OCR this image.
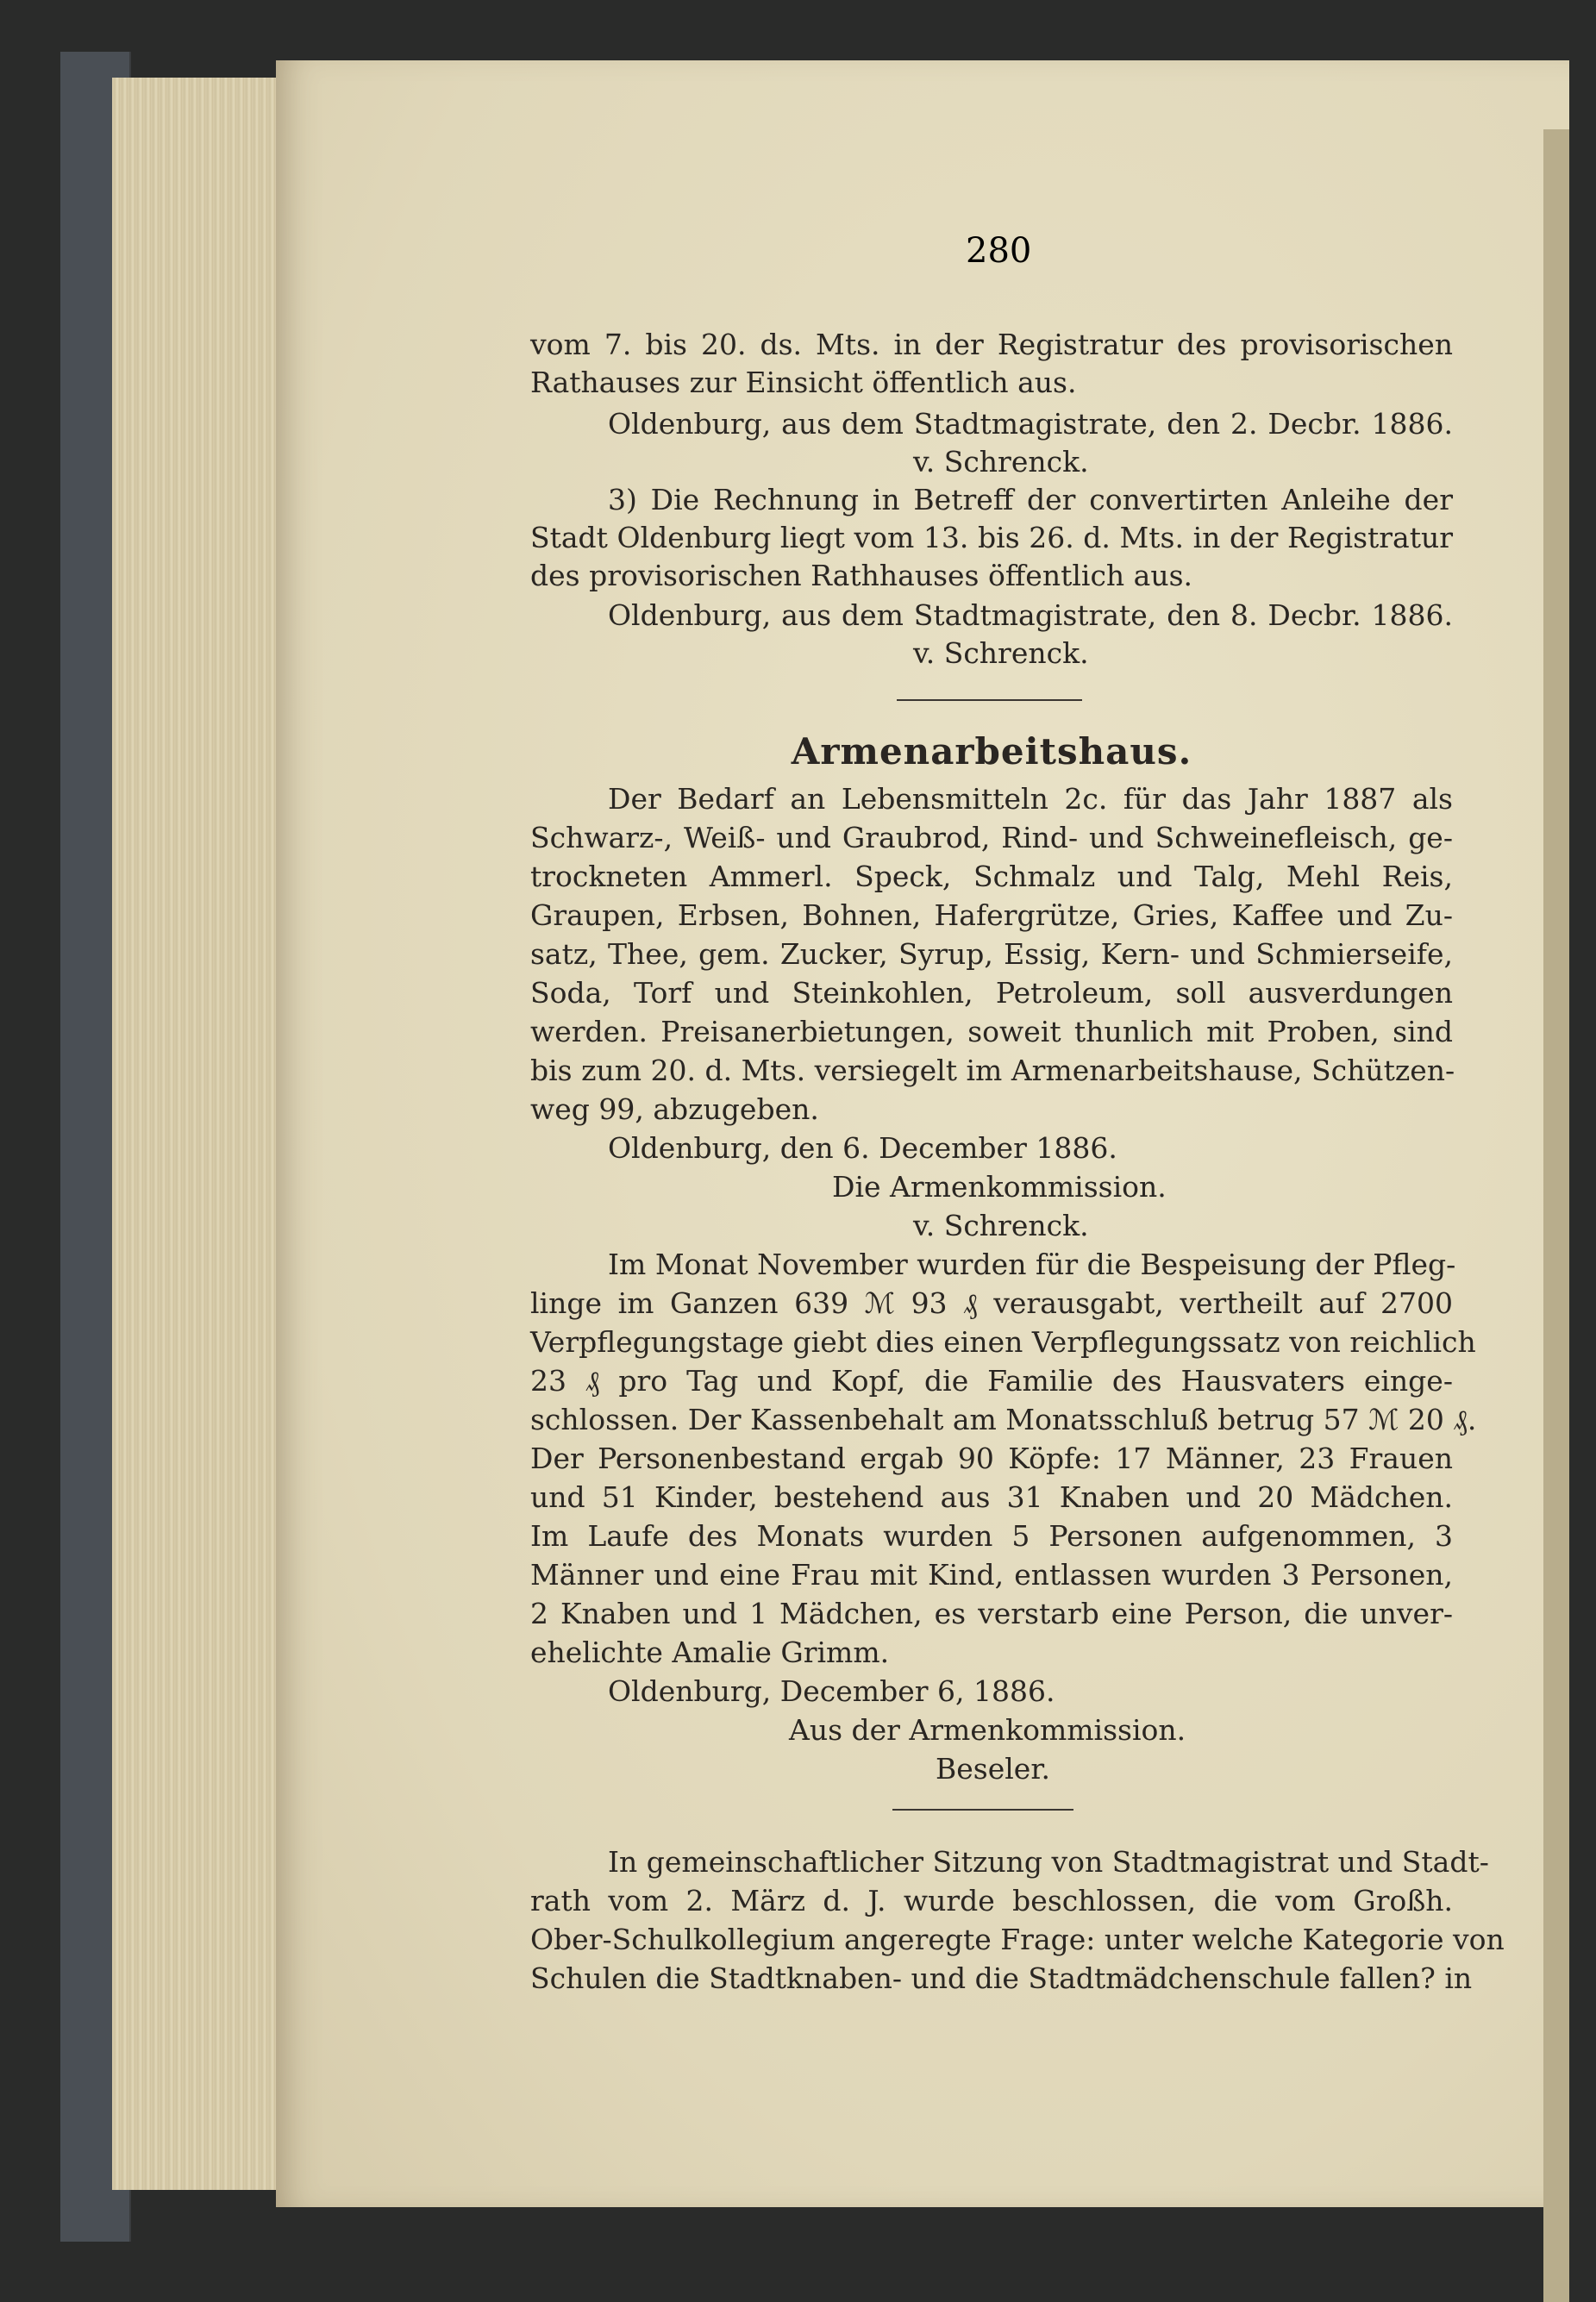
280
vom 7. bis 20. ds. Mts. in der Registratur des provisorischen
Rathauses zur Einsicht öffentlich aus.
Oldenburg, aus dem Stadtmagistrate, den 2. Decbr. 1886.
v. Schrenck.
3) Die Rechnung in Betreff der convertirten Anleihe der
Stadt Oldenburg liegt vom 13. bis 26. d. Mts. in der Registratur
des provisorischen Rathhauses öffentlich aus.
Oldenburg, aus dem Stadtmagistrate, den 8. Decbr. 1886.
v. Schrenck.
Armenarbeitshaus.
Der Bedarf an Lebensmitteln 2c. für das Jahr 1887 als
Schwarz-, Weiß- und Graubrod, Rind- und Schweinefleisch, ge-
trockneten Ammerl. Speck, Schmalz und Talg, Mehl Reis,
Graupen, Erbsen, Bohnen, Hafergrütze, Gries, Kaffee und Zu-
satz, Thee, gem. Zucker, Syrup, Essig, Kern- und Schmierseife,
Soda, Torf und Steinkohlen, Petroleum, soll ausverdungen
werden. Preisanerbietungen, soweit thunlich mit Proben, sind
bis zum 20. d. Mts. versiegelt im Armenarbeitshause, Schützen-
weg 99, abzugeben.
Oldenburg, den 6. December 1886.
Die Armenkommission.
v. Schrenck.
Im Monat November wurden für die Bespeisung der Pfleg-
linge im Ganzen 639 ℳ 93 ₰ verausgabt, vertheilt auf 2700
Verpflegungstage giebt dies einen Verpflegungssatz von reichlich
23 ₰ pro Tag und Kopf, die Familie des Hausvaters einge-
schlossen. Der Kassenbehalt am Monatsschluß betrug 57 ℳ 20 ₰.
Der Personenbestand ergab 90 Köpfe: 17 Männer, 23 Frauen
und 51 Kinder, bestehend aus 31 Knaben und 20 Mädchen.
Im Laufe des Monats wurden 5 Personen aufgenommen, 3
Männer und eine Frau mit Kind, entlassen wurden 3 Personen,
2 Knaben und 1 Mädchen, es verstarb eine Person, die unver-
ehelichte Amalie Grimm.
Oldenburg, December 6, 1886.
Aus der Armenkommission.
Beseler.
In gemeinschaftlicher Sitzung von Stadtmagistrat und Stadt-
rath vom 2. März d. J. wurde beschlossen, die vom Großh.
Ober-Schulkollegium angeregte Frage: unter welche Kategorie von
Schulen die Stadtknaben- und die Stadtmädchenschule fallen? in
